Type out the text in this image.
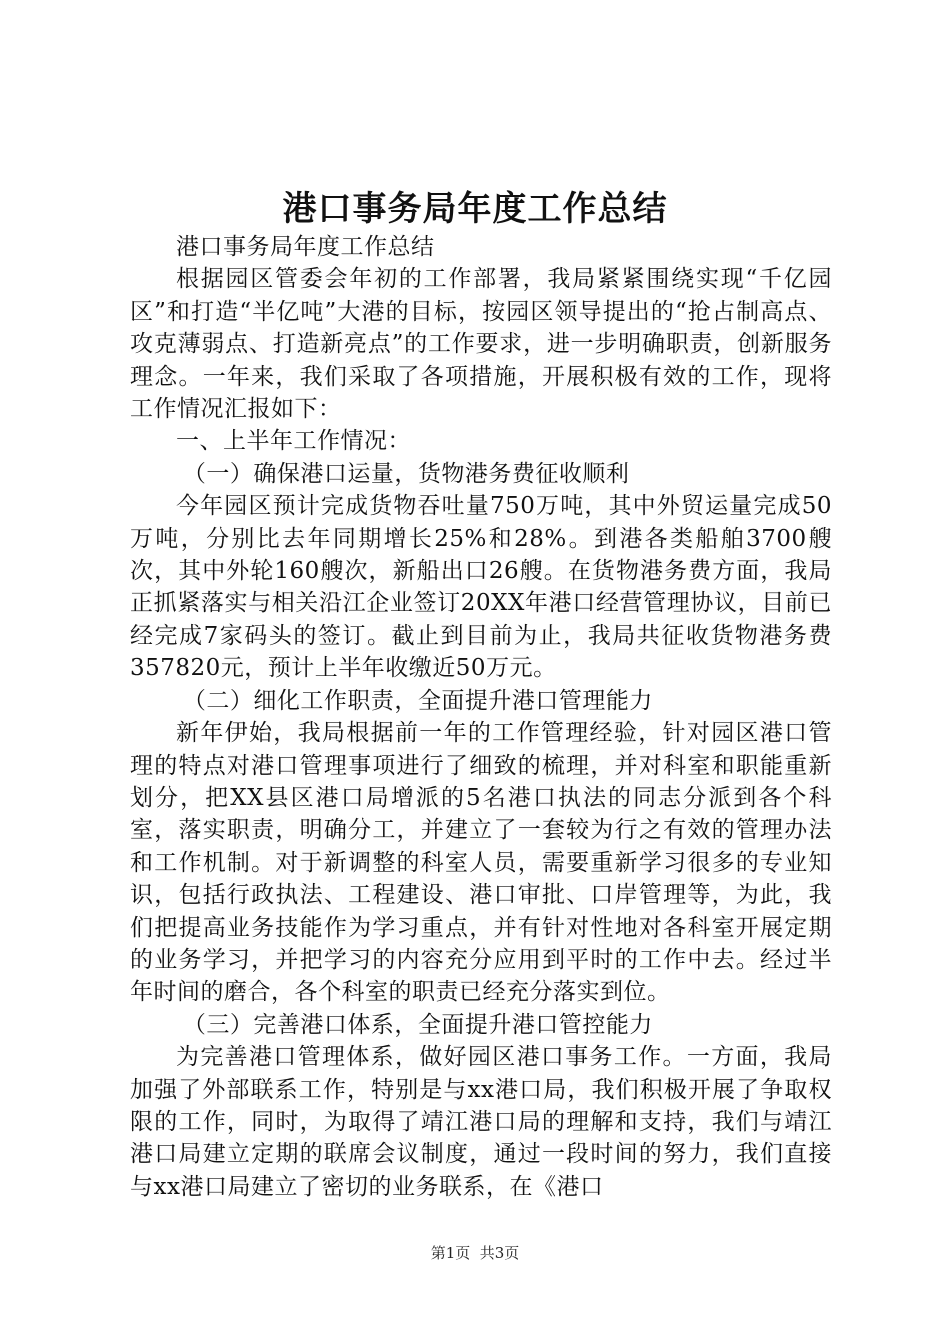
港口事务局年度工作总结

港口事务局年度工作总结

根据园区管委会年初的工作部署，我局紧紧围绕实现“千亿园区”和打造“半亿吨”大港的目标，按园区领导提出的“抢占制高点、攻克薄弱点、打造新亮点”的工作要求，进一步明确职责，创新服务理念。一年来，我们采取了各项措施，开展积极有效的工作，现将工作情况汇报如下：

一、上半年工作情况：

（一）确保港口运量，货物港务费征收顺利

今年园区预计完成货物吞吐量750万吨，其中外贸运量完成50万吨，分别比去年同期增长25%和28%。到港各类船舶3700艘次，其中外轮160艘次，新船出口26艘。在货物港务费方面，我局正抓紧落实与相关沿江企业签订20XX年港口经营管理协议，目前已经完成7家码头的签订。截止到目前为止，我局共征收货物港务费357820元，预计上半年收缴近50万元。

（二）细化工作职责，全面提升港口管理能力

新年伊始，我局根据前一年的工作管理经验，针对园区港口管理的特点对港口管理事项进行了细致的梳理，并对科室和职能重新划分，把XX县区港口局增派的5名港口执法的同志分派到各个科室，落实职责，明确分工，并建立了一套较为行之有效的管理办法和工作机制。对于新调整的科室人员，需要重新学习很多的专业知识，包括行政执法、工程建设、港口审批、口岸管理等，为此，我们把提高业务技能作为学习重点，并有针对性地对各科室开展定期的业务学习，并把学习的内容充分应用到平时的工作中去。经过半年时间的磨合，各个科室的职责已经充分落实到位。

（三）完善港口体系，全面提升港口管控能力

为完善港口管理体系，做好园区港口事务工作。一方面，我局加强了外部联系工作，特别是与xx港口局，我们积极开展了争取权限的工作，同时，为取得了靖江港口局的理解和支持，我们与靖江港口局建立定期的联席会议制度，通过一段时间的努力，我们直接与xx港口局建立了密切的业务联系，在《港口

第1页  共3页
